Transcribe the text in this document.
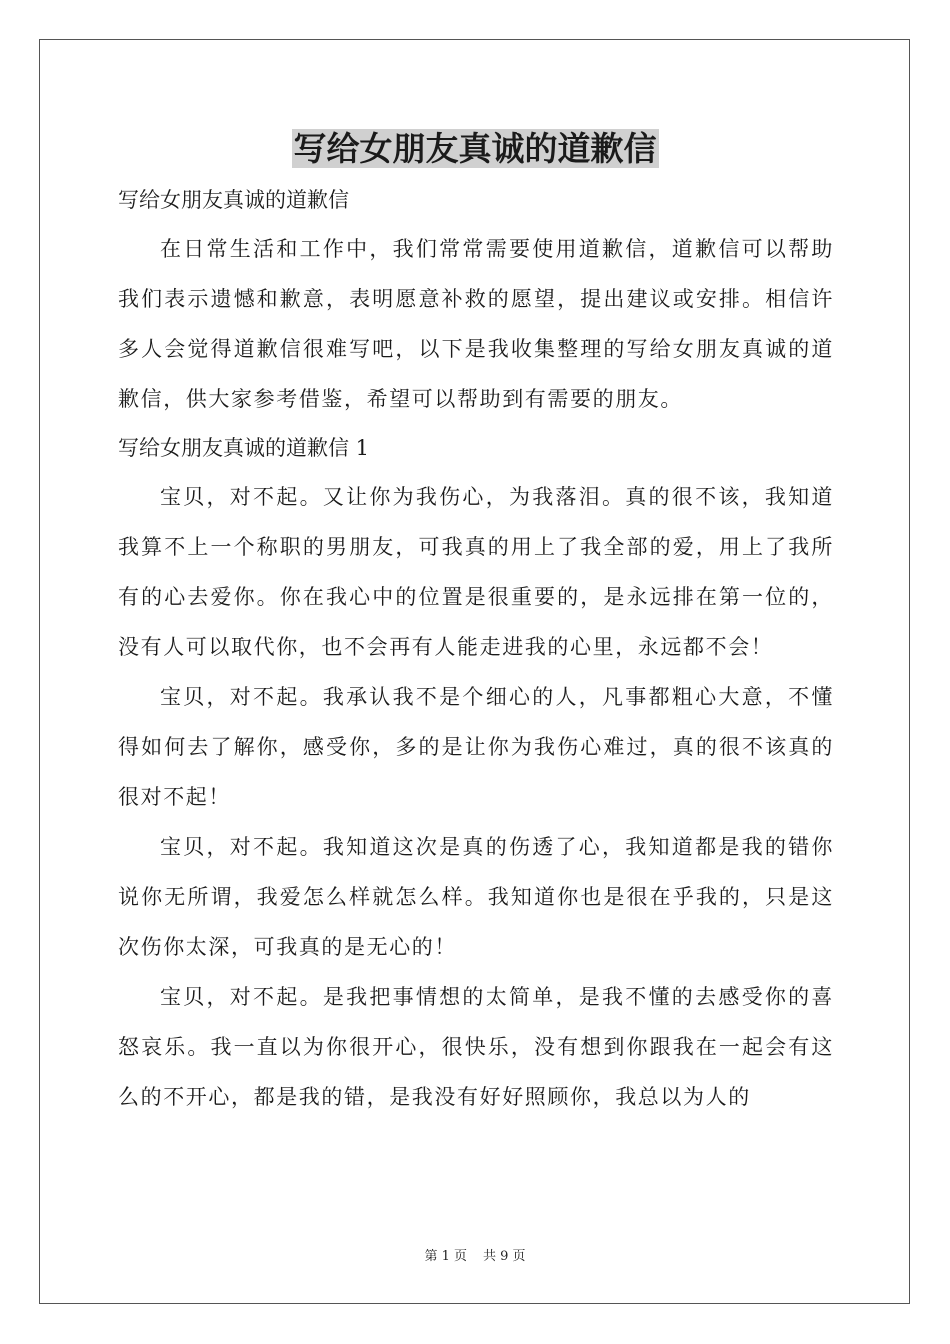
写给女朋友真诚的道歉信

写给女朋友真诚的道歉信

在日常生活和工作中，我们常常需要使用道歉信，道歉信可以帮助我们表示遗憾和歉意，表明愿意补救的愿望，提出建议或安排。相信许多人会觉得道歉信很难写吧，以下是我收集整理的写给女朋友真诚的道歉信，供大家参考借鉴，希望可以帮助到有需要的朋友。

写给女朋友真诚的道歉信 1

宝贝，对不起。又让你为我伤心，为我落泪。真的很不该，我知道我算不上一个称职的男朋友，可我真的用上了我全部的爱，用上了我所有的心去爱你。你在我心中的位置是很重要的，是永远排在第一位的，没有人可以取代你，也不会再有人能走进我的心里，永远都不会！

宝贝，对不起。我承认我不是个细心的人，凡事都粗心大意，不懂得如何去了解你，感受你，多的是让你为我伤心难过，真的很不该真的很对不起！

宝贝，对不起。我知道这次是真的伤透了心，我知道都是我的错你说你无所谓，我爱怎么样就怎么样。我知道你也是很在乎我的，只是这次伤你太深，可我真的是无心的！

宝贝，对不起。是我把事情想的太简单，是我不懂的去感受你的喜怒哀乐。我一直以为你很开心，很快乐，没有想到你跟我在一起会有这么的不开心，都是我的错，是我没有好好照顾你，我总以为人的

第 1 页 共 9 页
